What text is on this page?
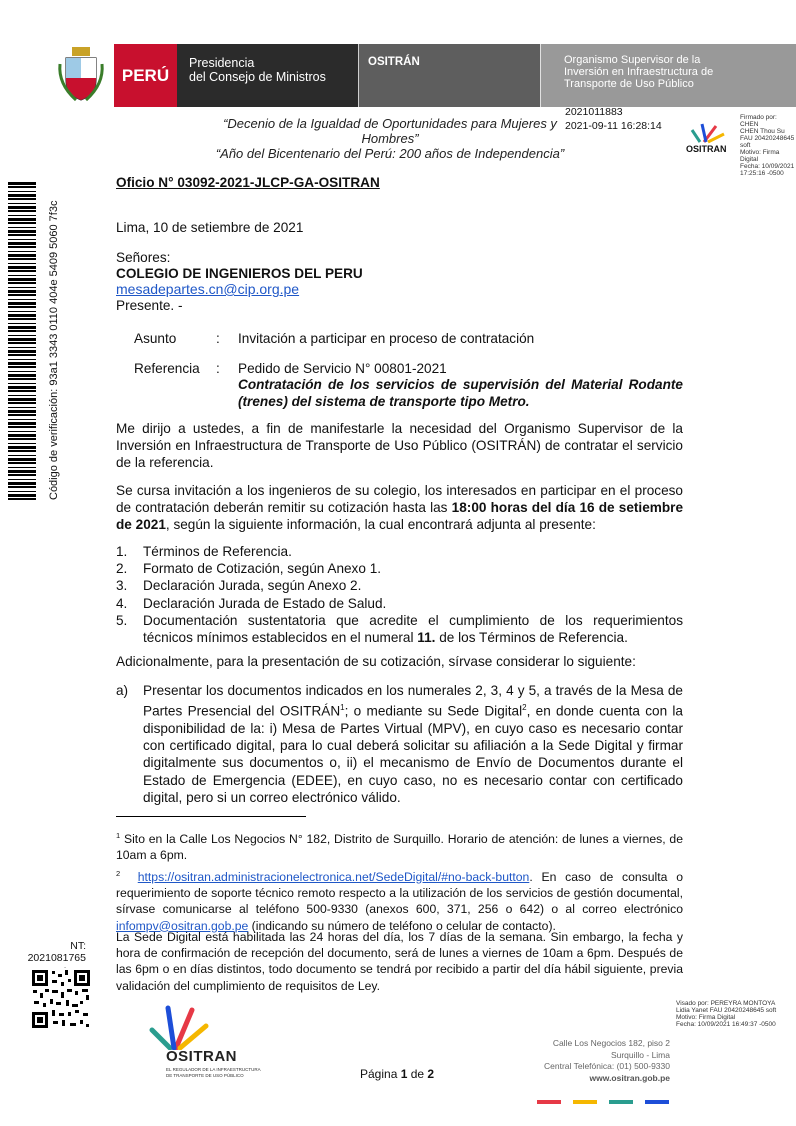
PERÚ
Presidencia
del Consejo de Ministros
OSITRÁN	Organismo Supervisor de la
Inversión en Infraestructura de
Transporte de Uso Público
“Decenio de la Igualdad de Oportunidades para Mujeres y Hombres”
“Año del Bicentenario del Perú: 200 años de Independencia”
2021011883
2021-09-11 16:28:14
OSITRAN
Firmado por: CHEN
CHEN Thou Su
FAU 20420248645
soft
Motivo: Firma Digital
Fecha: 10/09/2021
17:25:16 -0500
Código de verificación: 93a1 3343 0110 404e 5409 5060 7f3c
Oficio N° 03092-2021-JLCP-GA-OSITRAN
Lima, 10 de setiembre de 2021
Señores:
COLEGIO DE INGENIEROS DEL PERU
mesadepartes.cn@cip.org.pe
Presente. -
Asunto	: Invitación a participar en proceso de contratación
Referencia : Pedido de Servicio N° 00801-2021
Contratación de los servicios de supervisión del Material Rodante (trenes) del sistema de transporte tipo Metro.
Me dirijo a ustedes, a fin de manifestarle la necesidad del Organismo Supervisor de la Inversión en Infraestructura de Transporte de Uso Público (OSITRÁN) de contratar el servicio de la referencia.
Se cursa invitación a los ingenieros de su colegio, los interesados en participar en el proceso de contratación deberán remitir su cotización hasta las 18:00 horas del día 16 de setiembre de 2021, según la siguiente información, la cual encontrará adjunta al presente:
1.	Términos de Referencia.
2.	Formato de Cotización, según Anexo 1.
3.	Declaración Jurada, según Anexo 2.
4.	Declaración Jurada de Estado de Salud.
5.	Documentación sustentatoria que acredite el cumplimiento de los requerimientos técnicos mínimos establecidos en el numeral 11. de los Términos de Referencia.
Adicionalmente, para la presentación de su cotización, sírvase considerar lo siguiente:
a)	Presentar los documentos indicados en los numerales 2, 3, 4 y 5, a través de la Mesa de Partes Presencial del OSITRÁN$^1$; o mediante su Sede Digital$^2$, en donde cuenta con la disponibilidad de la: i) Mesa de Partes Virtual (MPV), en cuyo caso es necesario contar con certificado digital, para lo cual deberá solicitar su afiliación a la Sede Digital y firmar digitalmente sus documentos o, ii) el mecanismo de Envío de Documentos durante el Estado de Emergencia (EDEE), en cuyo caso, no es necesario contar con certificado digital, pero si un correo electrónico válido.
$^1$ Sito en la Calle Los Negocios N° 182, Distrito de Surquillo. Horario de atención: de lunes a viernes, de 10am a 6pm.
$^2$ https://ositran.administracionelectronica.net/SedeDigital/#no-back-button. En caso de consulta o requerimiento de soporte técnico remoto respecto a la utilización de los servicios de gestión documental, sírvase comunicarse al teléfono 500-9330 (anexos 600, 371, 256 o 642) o al correo electrónico infompv@ositran.gob.pe (indicando su número de teléfono o celular de contacto).
La Sede Digital está habilitada las 24 horas del día, los 7 días de la semana. Sin embargo, la fecha y hora de confirmación de recepción del documento, será de lunes a viernes de 10am a 6pm. Después de las 6pm o en días distintos, todo documento se tendrá por recibido a partir del día hábil siguiente, previa validación del cumplimiento de requisitos de Ley.
NT: 2021081765
Visado por: PEREYRA MONTOYA
Lidia Yanet FAU 20420248645 soft
Motivo: Firma Digital
Fecha: 10/09/2021 16:49:37 -0500
OSITRAN
EL REGULADOR DE LA INFRAESTRUCTURA
DE TRANSPORTE DE USO PÚBLICO	Página 1 de 2
Calle Los Negocios 182, piso 2
Surquillo - Lima
Central Telefónica: (01) 500-9330
www.ositran.gob.pe
